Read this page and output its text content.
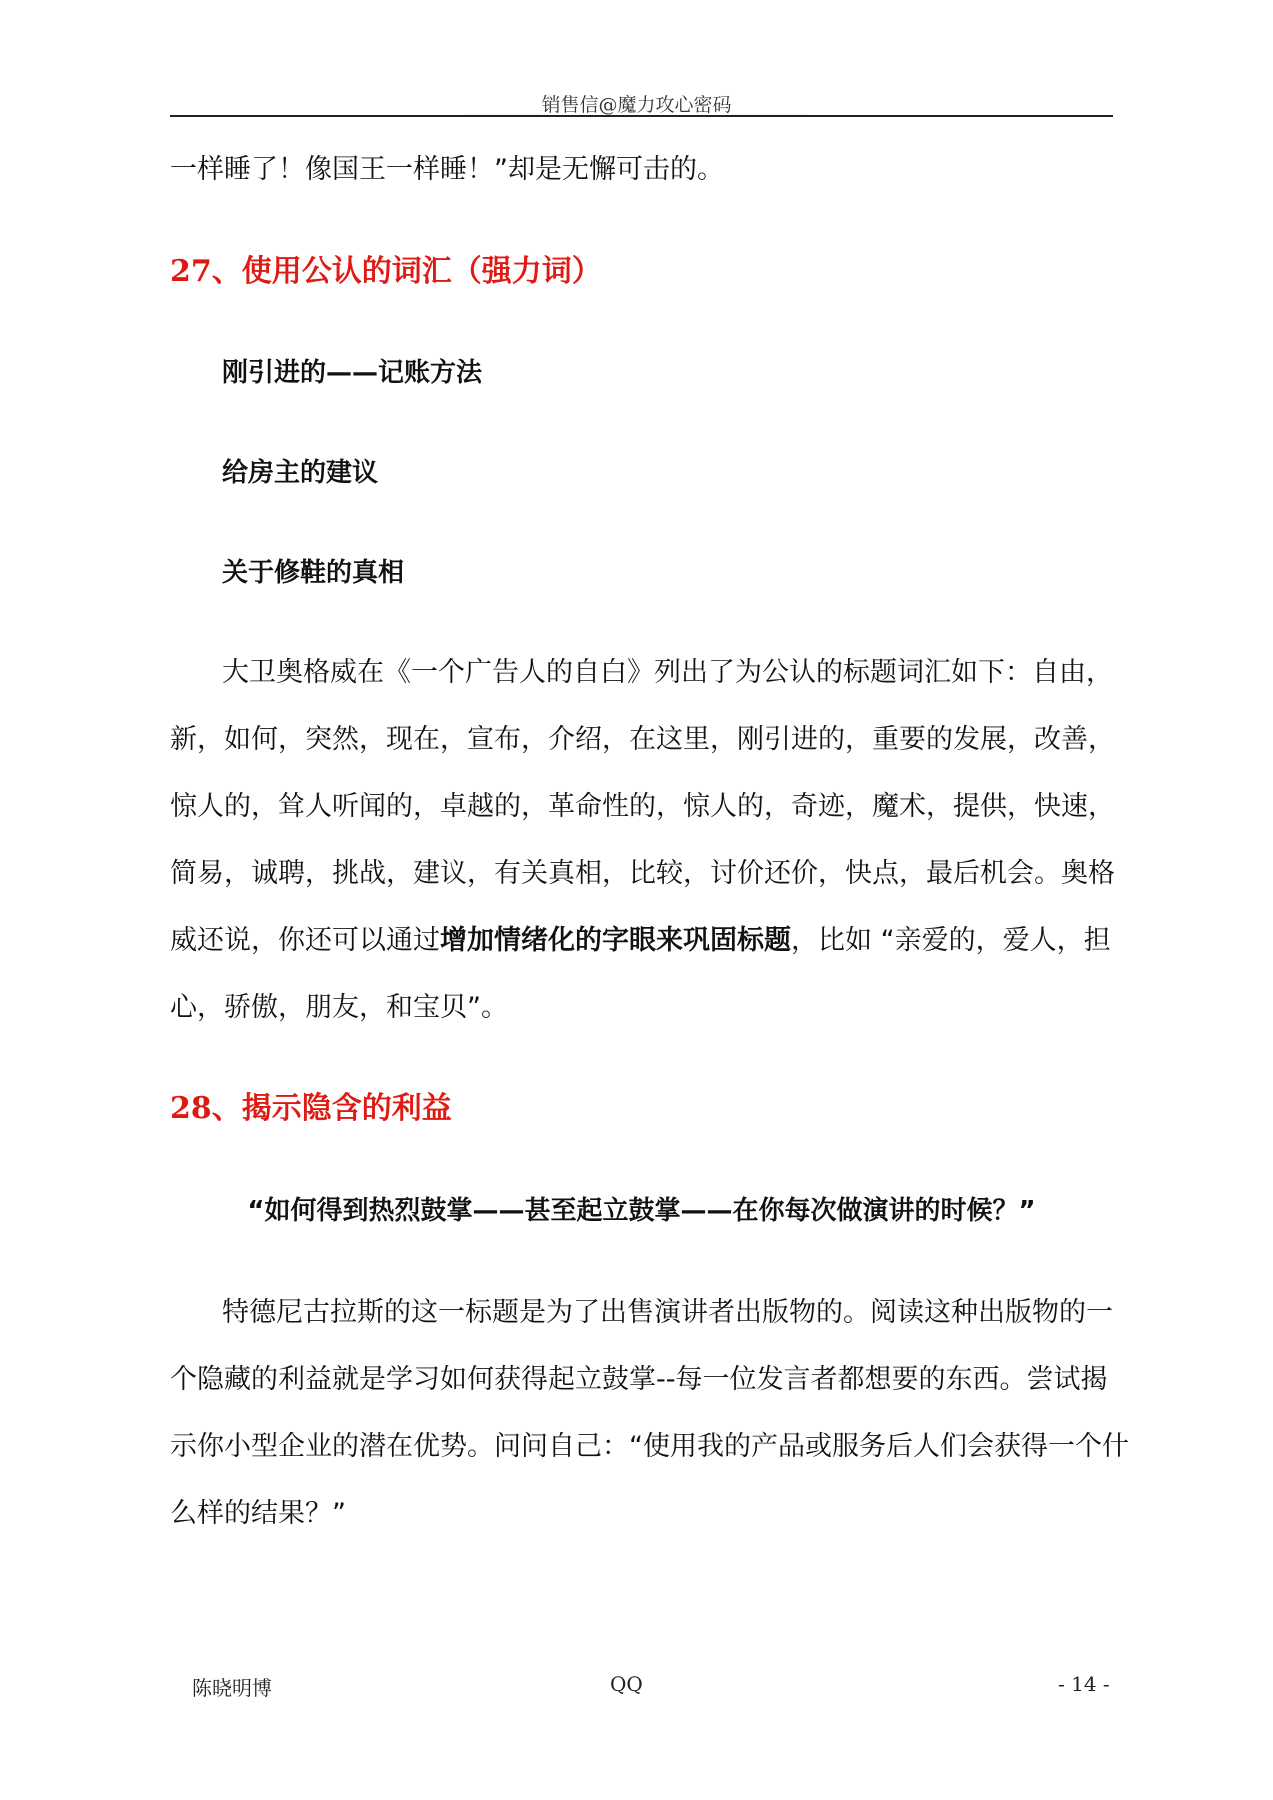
________销售信@魔力攻心密码________
一样睡了！像国王一样睡！”却是无懈可击的。
27、使用公认的词汇（强力词）
刚引进的——记账方法
给房主的建议
关于修鞋的真相
大卫奥格威在《一个广告人的自白》列出了为公认的标题词汇如下：自由，
新，如何，突然，现在，宣布，介绍，在这里，刚引进的，重要的发展，改善，
惊人的，耸人听闻的，卓越的，革命性的，惊人的，奇迹，魔术，提供，快速，
简易，诚聘，挑战，建议，有关真相，比较，讨价还价，快点，最后机会。奥格
威还说，你还可以通过增加情绪化的字眼来巩固标题，比如 “亲爱的，爱人，担
心，骄傲，朋友，和宝贝”。
28、揭示隐含的利益
“如何得到热烈鼓掌——甚至起立鼓掌——在你每次做演讲的时候？”
特德尼古拉斯的这一标题是为了出售演讲者出版物的。阅读这种出版物的一
个隐藏的利益就是学习如何获得起立鼓掌--每一位发言者都想要的东西。尝试揭
示你小型企业的潜在优势。问问自己：“使用我的产品或服务后人们会获得一个什
么样的结果？”
陈晓明博	QQ	- 14 -
